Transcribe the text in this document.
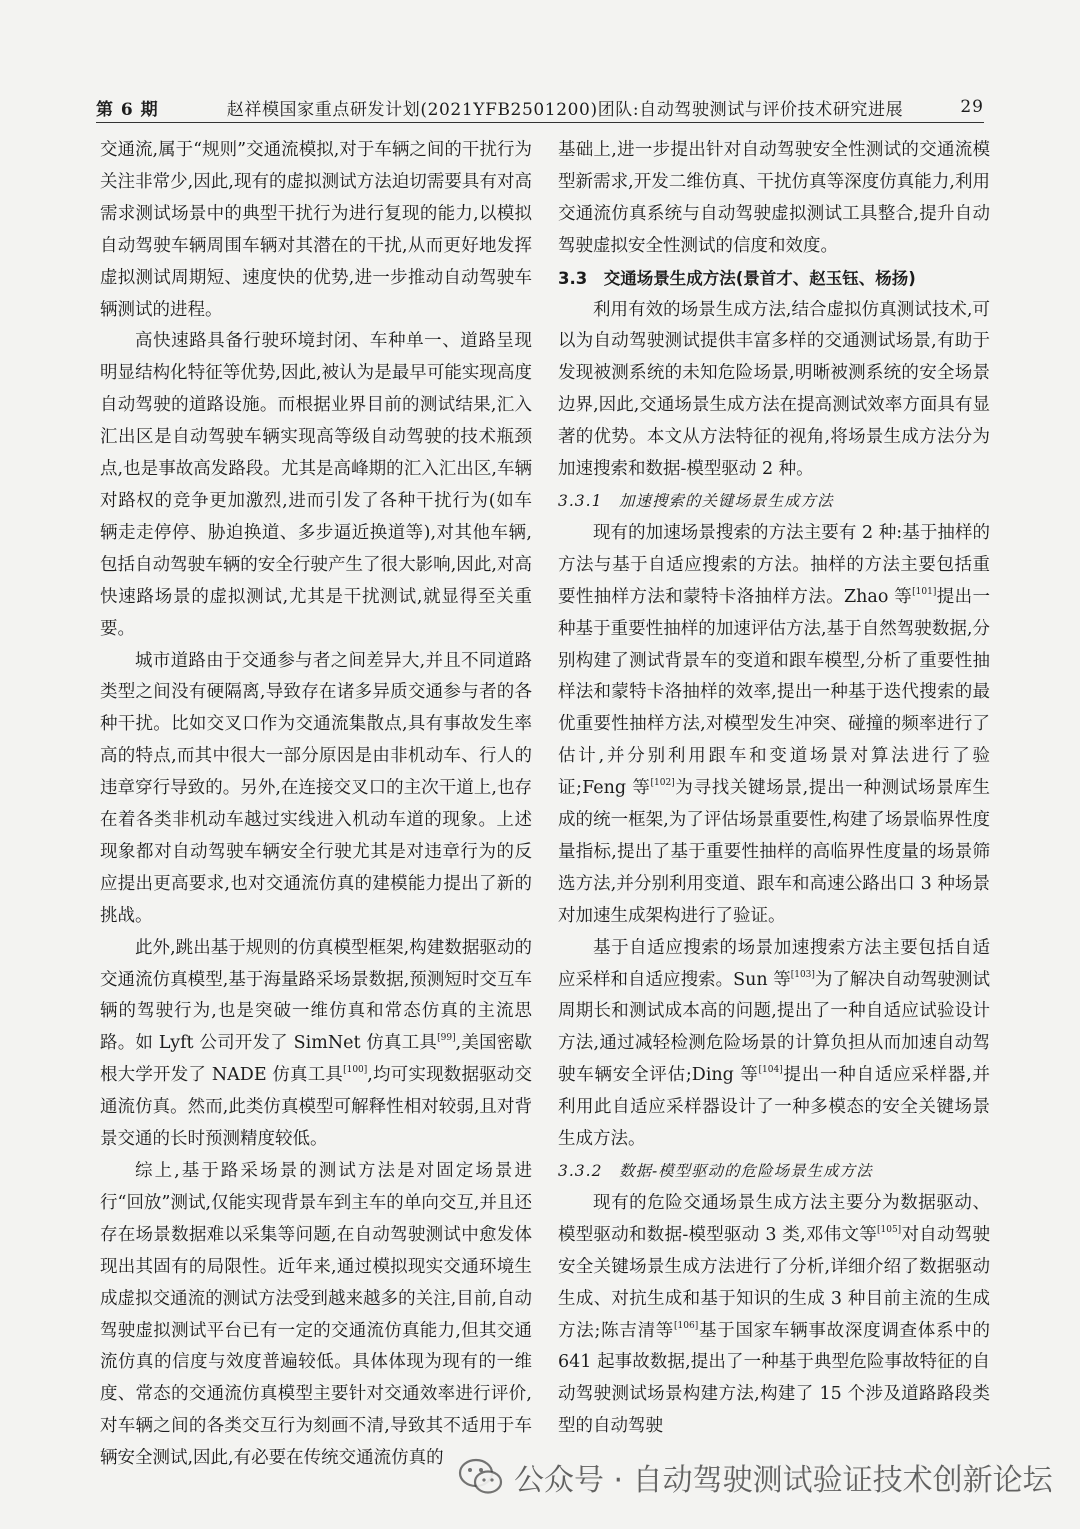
第 6 期	赵祥模国家重点研发计划(2021YFB2501200)团队:自动驾驶测试与评价技术研究进展	29

交通流,属于“规则”交通流模拟,对于车辆之间的干扰行为关注非常少,因此,现有的虚拟测试方法迫切需要具有对高需求测试场景中的典型干扰行为进行复现的能力,以模拟自动驾驶车辆周围车辆对其潜在的干扰,从而更好地发挥虚拟测试周期短、速度快的优势,进一步推动自动驾驶车辆测试的进程。

高快速路具备行驶环境封闭、车种单一、道路呈现明显结构化特征等优势,因此,被认为是最早可能实现高度自动驾驶的道路设施。而根据业界目前的测试结果,汇入汇出区是自动驾驶车辆实现高等级自动驾驶的技术瓶颈点,也是事故高发路段。尤其是高峰期的汇入汇出区,车辆对路权的竞争更加激烈,进而引发了各种干扰行为(如车辆走走停停、胁迫换道、多步逼近换道等),对其他车辆,包括自动驾驶车辆的安全行驶产生了很大影响,因此,对高快速路场景的虚拟测试,尤其是干扰测试,就显得至关重要。

城市道路由于交通参与者之间差异大,并且不同道路类型之间没有硬隔离,导致存在诸多异质交通参与者的各种干扰。比如交叉口作为交通流集散点,具有事故发生率高的特点,而其中很大一部分原因是由非机动车、行人的违章穿行导致的。另外,在连接交叉口的主次干道上,也存在着各类非机动车越过实线进入机动车道的现象。上述现象都对自动驾驶车辆安全行驶尤其是对违章行为的反应提出更高要求,也对交通流仿真的建模能力提出了新的挑战。

此外,跳出基于规则的仿真模型框架,构建数据驱动的交通流仿真模型,基于海量路采场景数据,预测短时交互车辆的驾驶行为,也是突破一维仿真和常态仿真的主流思路。如 Lyft 公司开发了 SimNet 仿真工具[99],美国密歇根大学开发了 NADE 仿真工具[100],均可实现数据驱动交通流仿真。然而,此类仿真模型可解释性相对较弱,且对背景交通的长时预测精度较低。

综上,基于路采场景的测试方法是对固定场景进行“回放”测试,仅能实现背景车到主车的单向交互,并且还存在场景数据难以采集等问题,在自动驾驶测试中愈发体现出其固有的局限性。近年来,通过模拟现实交通环境生成虚拟交通流的测试方法受到越来越多的关注,目前,自动驾驶虚拟测试平台已有一定的交通流仿真能力,但其交通流仿真的信度与效度普遍较低。具体体现为现有的一维度、常态的交通流仿真模型主要针对交通效率进行评价,对车辆之间的各类交互行为刻画不清,导致其不适用于车辆安全测试,因此,有必要在传统交通流仿真的

基础上,进一步提出针对自动驾驶安全性测试的交通流模型新需求,开发二维仿真、干扰仿真等深度仿真能力,利用交通流仿真系统与自动驾驶虚拟测试工具整合,提升自动驾驶虚拟安全性测试的信度和效度。

3.3　交通场景生成方法(景首才、赵玉钰、杨扬)

利用有效的场景生成方法,结合虚拟仿真测试技术,可以为自动驾驶测试提供丰富多样的交通测试场景,有助于发现被测系统的未知危险场景,明晰被测系统的安全场景边界,因此,交通场景生成方法在提高测试效率方面具有显著的优势。本文从方法特征的视角,将场景生成方法分为加速搜索和数据-模型驱动 2 种。

3.3.1　加速搜索的关键场景生成方法

现有的加速场景搜索的方法主要有 2 种:基于抽样的方法与基于自适应搜索的方法。抽样的方法主要包括重要性抽样方法和蒙特卡洛抽样方法。Zhao 等[101]提出一种基于重要性抽样的加速评估方法,基于自然驾驶数据,分别构建了测试背景车的变道和跟车模型,分析了重要性抽样法和蒙特卡洛抽样的效率,提出一种基于迭代搜索的最优重要性抽样方法,对模型发生冲突、碰撞的频率进行了估计,并分别利用跟车和变道场景对算法进行了验证;Feng 等[102]为寻找关键场景,提出一种测试场景库生成的统一框架,为了评估场景重要性,构建了场景临界性度量指标,提出了基于重要性抽样的高临界性度量的场景筛选方法,并分别利用变道、跟车和高速公路出口 3 种场景对加速生成架构进行了验证。

基于自适应搜索的场景加速搜索方法主要包括自适应采样和自适应搜索。Sun 等[103]为了解决自动驾驶测试周期长和测试成本高的问题,提出了一种自适应试验设计方法,通过减轻检测危险场景的计算负担从而加速自动驾驶车辆安全评估;Ding 等[104]提出一种自适应采样器,并利用此自适应采样器设计了一种多模态的安全关键场景生成方法。

3.3.2　数据-模型驱动的危险场景生成方法

现有的危险交通场景生成方法主要分为数据驱动、模型驱动和数据-模型驱动 3 类,邓伟文等[105]对自动驾驶安全关键场景生成方法进行了分析,详细介绍了数据驱动生成、对抗生成和基于知识的生成 3 种目前主流的生成方法;陈吉清等[106]基于国家车辆事故深度调查体系中的 641 起事故数据,提出了一种基于典型危险事故特征的自动驾驶测试场景构建方法,构建了 15 个涉及道路路段类型的自动驾驶

公众号 · 自动驾驶测试验证技术创新论坛
